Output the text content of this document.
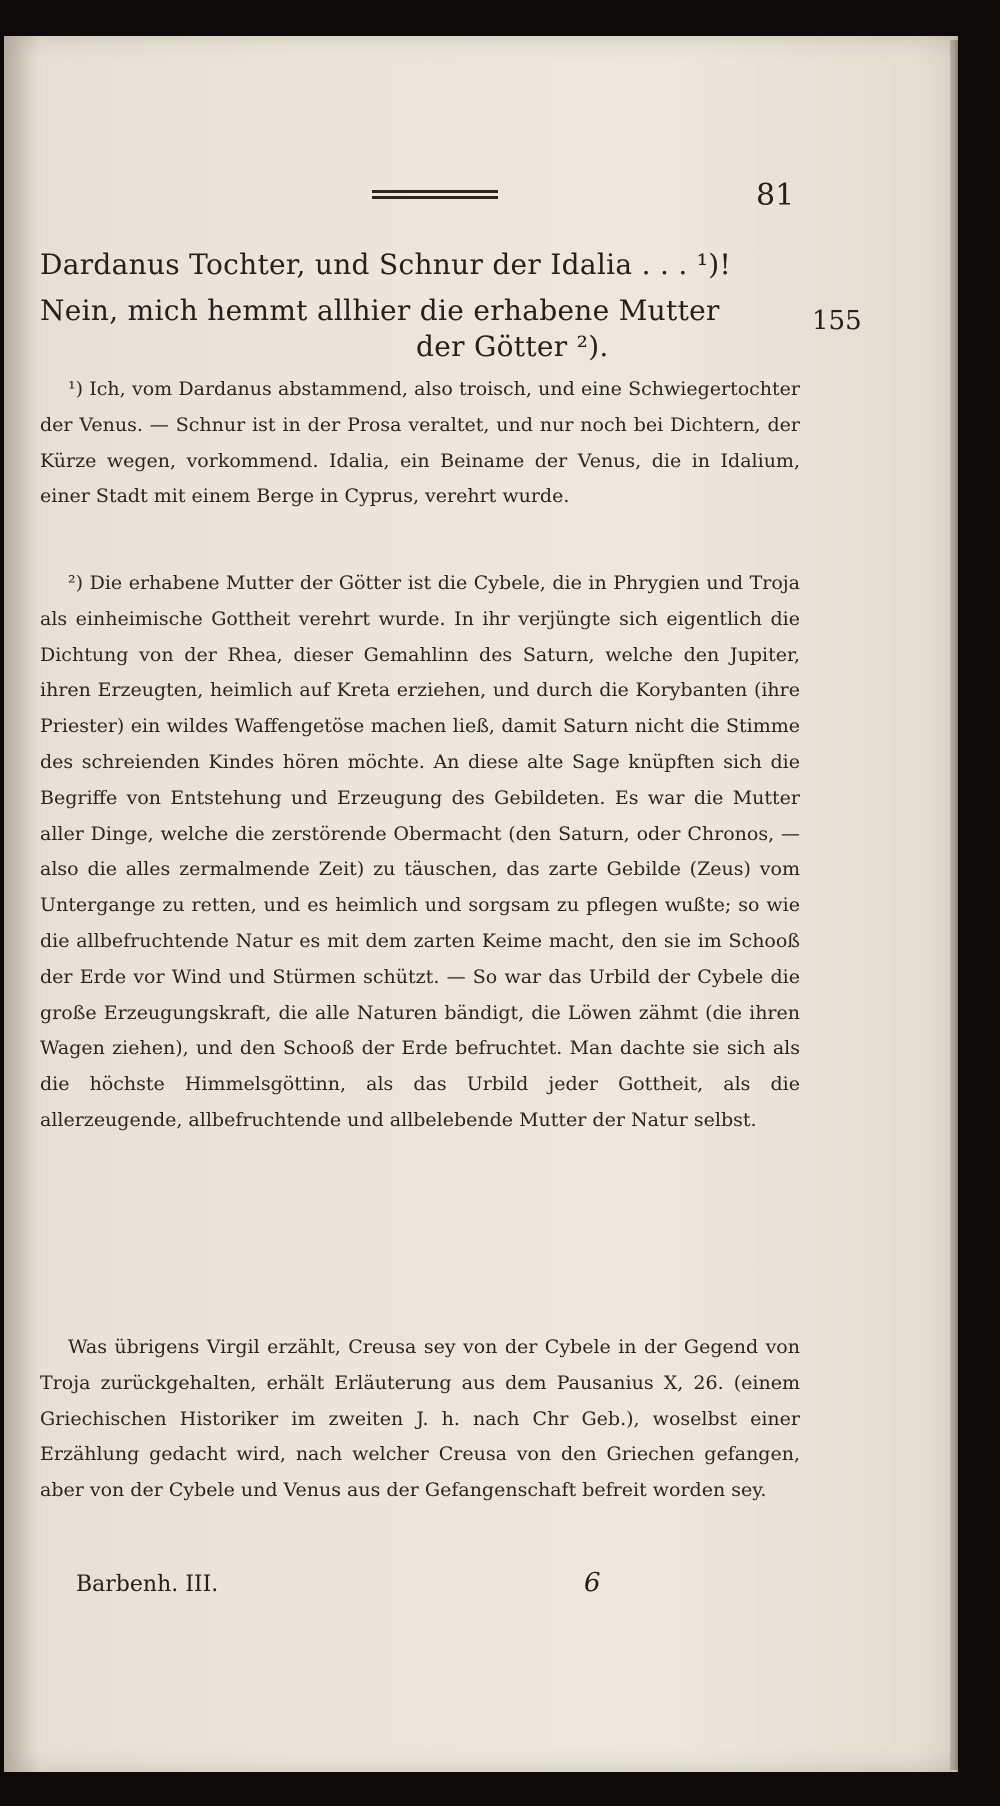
81
Dardanus Tochter, und Schnur der Idalia . . . ¹)!
Nein, mich hemmt allhier die erhabene Mutter
der Götter ²).
155
¹) Ich, vom Dardanus abstammend, also troisch, und eine Schwiegertochter der Venus. — Schnur ist in der Prosa veraltet, und nur noch bei Dichtern, der Kürze wegen, vorkommend. Idalia, ein Beiname der Venus, die in Idalium, einer Stadt mit einem Berge in Cyprus, verehrt wurde.
²) Die erhabene Mutter der Götter ist die Cybele, die in Phrygien und Troja als einheimische Gottheit verehrt wurde. In ihr verjüngte sich eigentlich die Dichtung von der Rhea, dieser Gemahlinn des Saturn, welche den Jupiter, ihren Erzeugten, heimlich auf Kreta erziehen, und durch die Korybanten (ihre Priester) ein wildes Waffengetöse machen ließ, damit Saturn nicht die Stimme des schreienden Kindes hören möchte. An diese alte Sage knüpften sich die Begriffe von Entstehung und Erzeugung des Gebildeten. Es war die Mutter aller Dinge, welche die zerstörende Obermacht (den Saturn, oder Chronos, — also die alles zermalmende Zeit) zu täuschen, das zarte Gebilde (Zeus) vom Untergange zu retten, und es heimlich und sorgsam zu pflegen wußte; so wie die allbefruchtende Natur es mit dem zarten Keime macht, den sie im Schooß der Erde vor Wind und Stürmen schützt. — So war das Urbild der Cybele die große Erzeugungskraft, die alle Naturen bändigt, die Löwen zähmt (die ihren Wagen ziehen), und den Schooß der Erde befruchtet. Man dachte sie sich als die höchste Himmelsgöttinn, als das Urbild jeder Gottheit, als die allerzeugende, allbefruchtende und allbelebende Mutter der Natur selbst.
Was übrigens Virgil erzählt, Creusa sey von der Cybele in der Gegend von Troja zurückgehalten, erhält Erläuterung aus dem Pausanius X, 26. (einem Griechischen Historiker im zweiten J. h. nach Chr Geb.), woselbst einer Erzählung gedacht wird, nach welcher Creusa von den Griechen gefangen, aber von der Cybele und Venus aus der Gefangenschaft befreit worden sey.
Barbenh. III.	6
